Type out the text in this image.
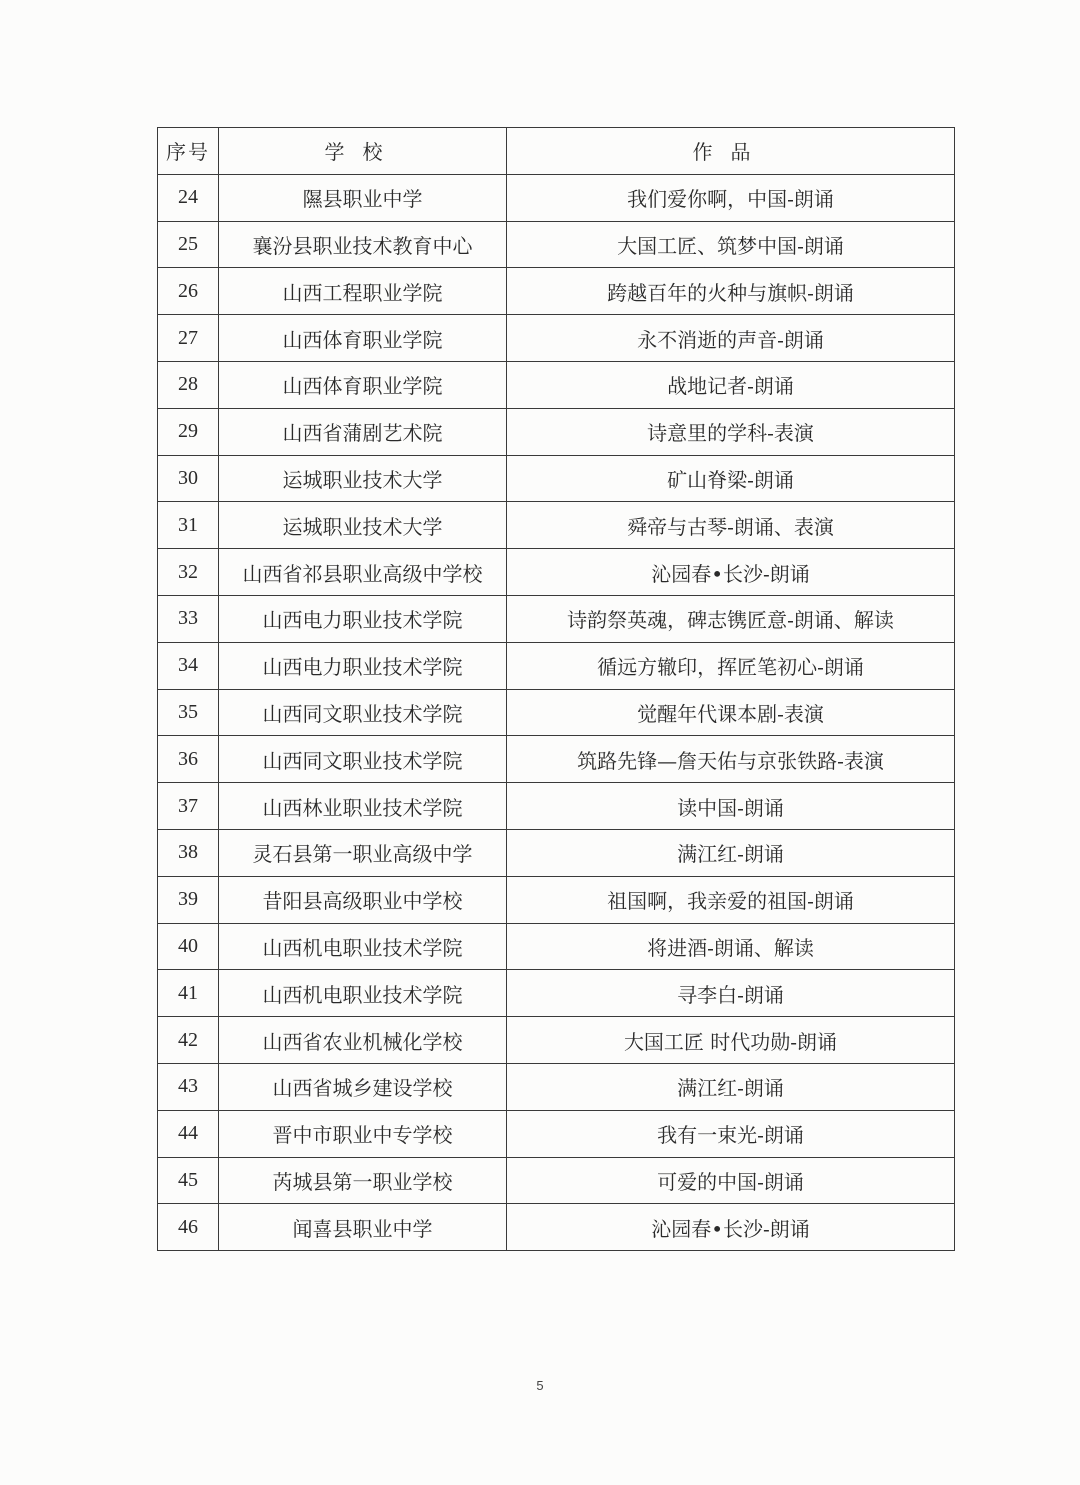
序号	学校	作品
24	隰县职业中学	我们爱你啊，中国-朗诵
25	襄汾县职业技术教育中心	大国工匠、筑梦中国-朗诵
26	山西工程职业学院	跨越百年的火种与旗帜-朗诵
27	山西体育职业学院	永不消逝的声音-朗诵
28	山西体育职业学院	战地记者-朗诵
29	山西省蒲剧艺术院	诗意里的学科-表演
30	运城职业技术大学	矿山脊梁-朗诵
31	运城职业技术大学	舜帝与古琴-朗诵、表演
32	山西省祁县职业高级中学校	沁园春•长沙-朗诵
33	山西电力职业技术学院	诗韵祭英魂，碑志镌匠意-朗诵、解读
34	山西电力职业技术学院	循远方辙印，挥匠笔初心-朗诵
35	山西同文职业技术学院	觉醒年代课本剧-表演
36	山西同文职业技术学院	筑路先锋—詹天佑与京张铁路-表演
37	山西林业职业技术学院	读中国-朗诵
38	灵石县第一职业高级中学	满江红-朗诵
39	昔阳县高级职业中学校	祖国啊，我亲爱的祖国-朗诵
40	山西机电职业技术学院	将进酒-朗诵、解读
41	山西机电职业技术学院	寻李白-朗诵
42	山西省农业机械化学校	大国工匠 时代功勋-朗诵
43	山西省城乡建设学校	满江红-朗诵
44	晋中市职业中专学校	我有一束光-朗诵
45	芮城县第一职业学校	可爱的中国-朗诵
46	闻喜县职业中学	沁园春•长沙-朗诵
5
